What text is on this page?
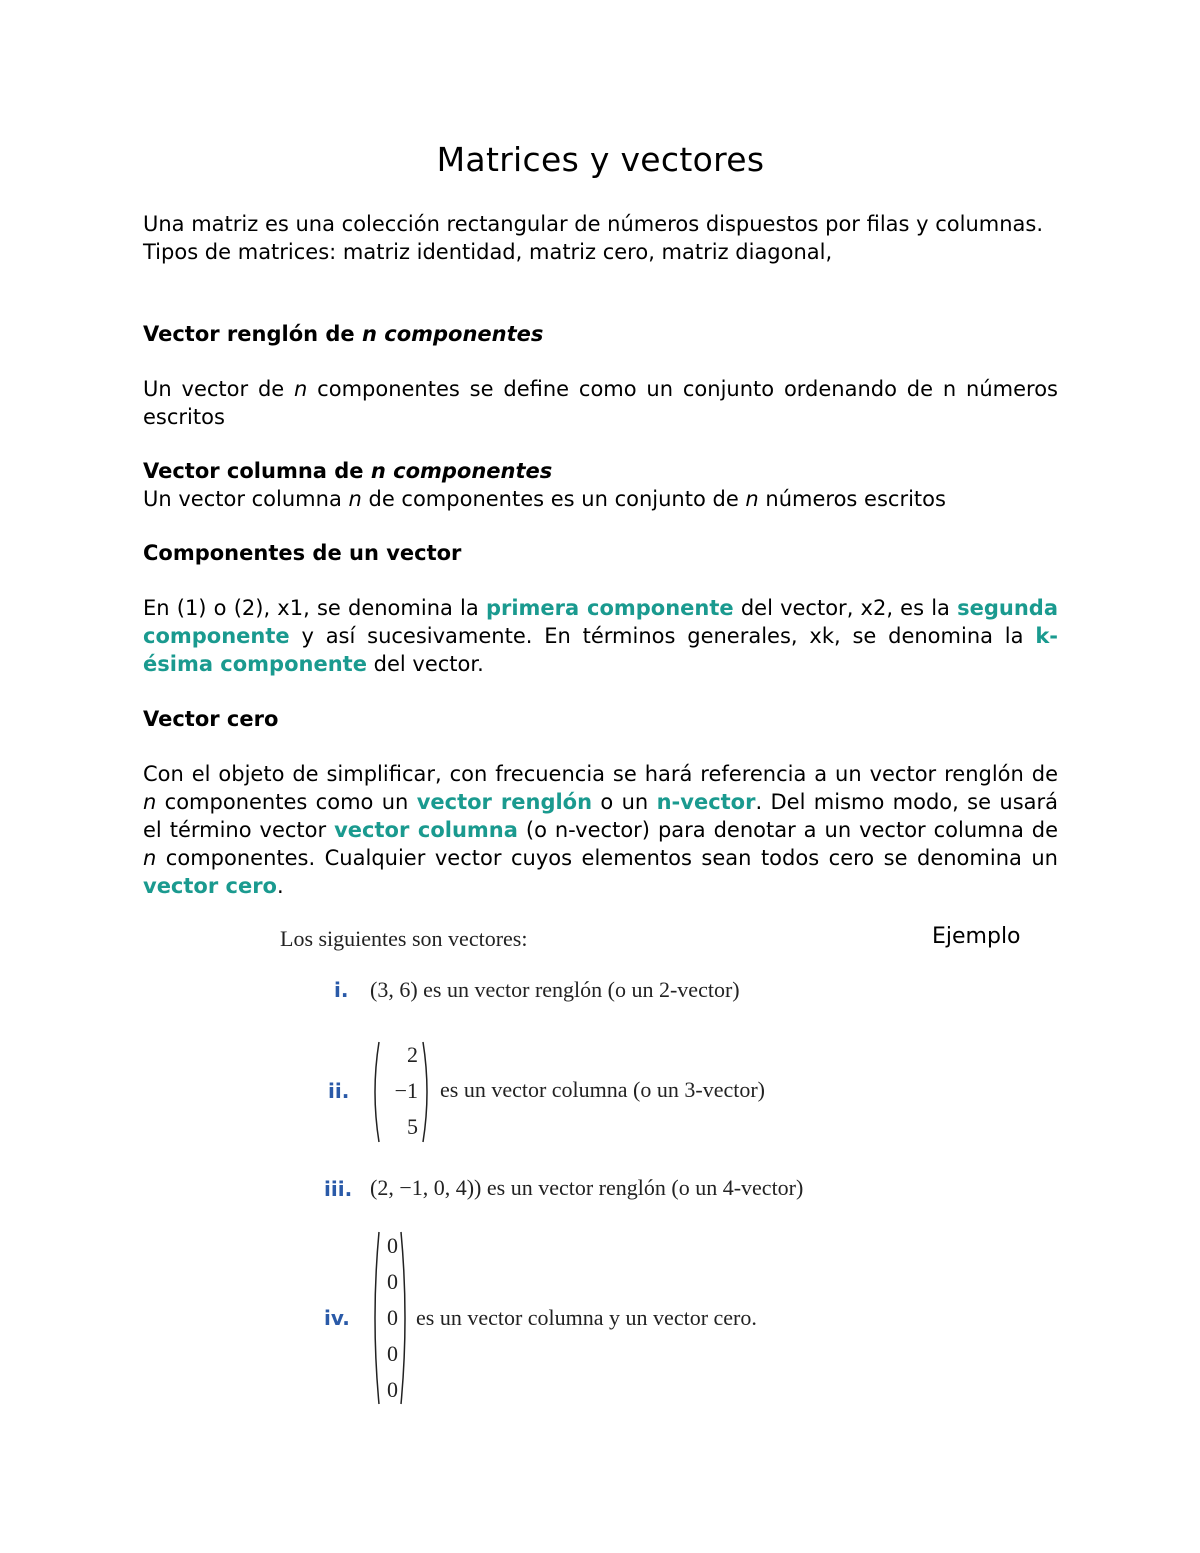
Matrices y vectores

Una matriz es una colección rectangular de números dispuestos por filas y columnas.

Tipos de matrices: matriz identidad, matriz cero, matriz diagonal,

Vector renglón de n componentes

Un vector de n componentes se define como un conjunto ordenando de n números escritos

Vector columna de n componentes

Un vector columna n de componentes es un conjunto de n números escritos

Componentes de un vector

En (1) o (2), x1, se denomina la primera componente del vector, x2, es la segunda componente y así sucesivamente. En términos generales, xk, se denomina la k-ésima componente del vector.

Vector cero

Con el objeto de simplificar, con frecuencia se hará referencia a un vector renglón de n componentes como un vector renglón o un n-vector. Del mismo modo, se usará el término vector vector columna (o n-vector) para denotar a un vector columna de n componentes. Cualquier vector cuyos elementos sean todos cero se denomina un vector cero.

Los siguientes son vectores:	Ejemplo
i. (3, 6) es un vector renglón (o un 2-vector)
ii.
2
−1
5
es un vector columna (o un 3-vector)
iii. (2, −1, 0, 4)) es un vector renglón (o un 4-vector)
iv.
0
0
0
0
0
es un vector columna y un vector cero.
